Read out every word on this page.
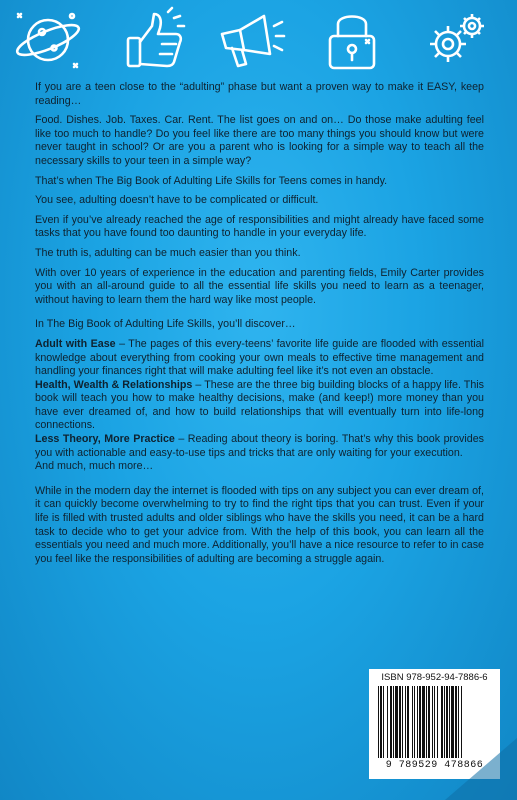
If you are a teen close to the “adulting” phase but want a proven way to make it EASY, keep reading…

Food. Dishes. Job. Taxes. Car. Rent. The list goes on and on… Do those make adulting feel like too much to handle? Do you feel like there are too many things you should know but were never taught in school? Or are you a parent who is looking for a simple way to teach all the necessary skills to your teen in a simple way?

That’s when The Big Book of Adulting Life Skills for Teens comes in handy.

You see, adulting doesn’t have to be complicated or difficult.

Even if you’ve already reached the age of responsibilities and might already have faced some tasks that you have found too daunting to handle in your everyday life.

The truth is, adulting can be much easier than you think.

With over 10 years of experience in the education and parenting fields, Emily Carter provides you with an all-around guide to all the essential life skills you need to learn as a teenager, without having to learn them the hard way like most people.

In The Big Book of Adulting Life Skills, you’ll discover…

Adult with Ease – The pages of this every-teens’ favorite life guide are flooded with essential knowledge about everything from cooking your own meals to effective time management and handling your finances right that will make adulting feel like it’s not even an obstacle.

Health, Wealth & Relationships – These are the three big building blocks of a happy life. This book will teach you how to make healthy decisions, make (and keep!) more money than you have ever dreamed of, and how to build relationships that will eventually turn into life-long connections.

Less Theory, More Practice – Reading about theory is boring. That’s why this book provides you with actionable and easy-to-use tips and tricks that are only waiting for your execution.

And much, much more…

While in the modern day the internet is flooded with tips on any subject you can ever dream of, it can quickly become overwhelming to try to find the right tips that you can trust. Even if your life is filled with trusted adults and older siblings who have the skills you need, it can be a hard task to decide who to get your advice from. With the help of this book, you can learn all the essentials you need and much more. Additionally, you’ll have a nice resource to refer to in case you feel like the responsibilities of adulting are becoming a struggle again.

ISBN 978-952-94-7886-6
9 789529 478866
